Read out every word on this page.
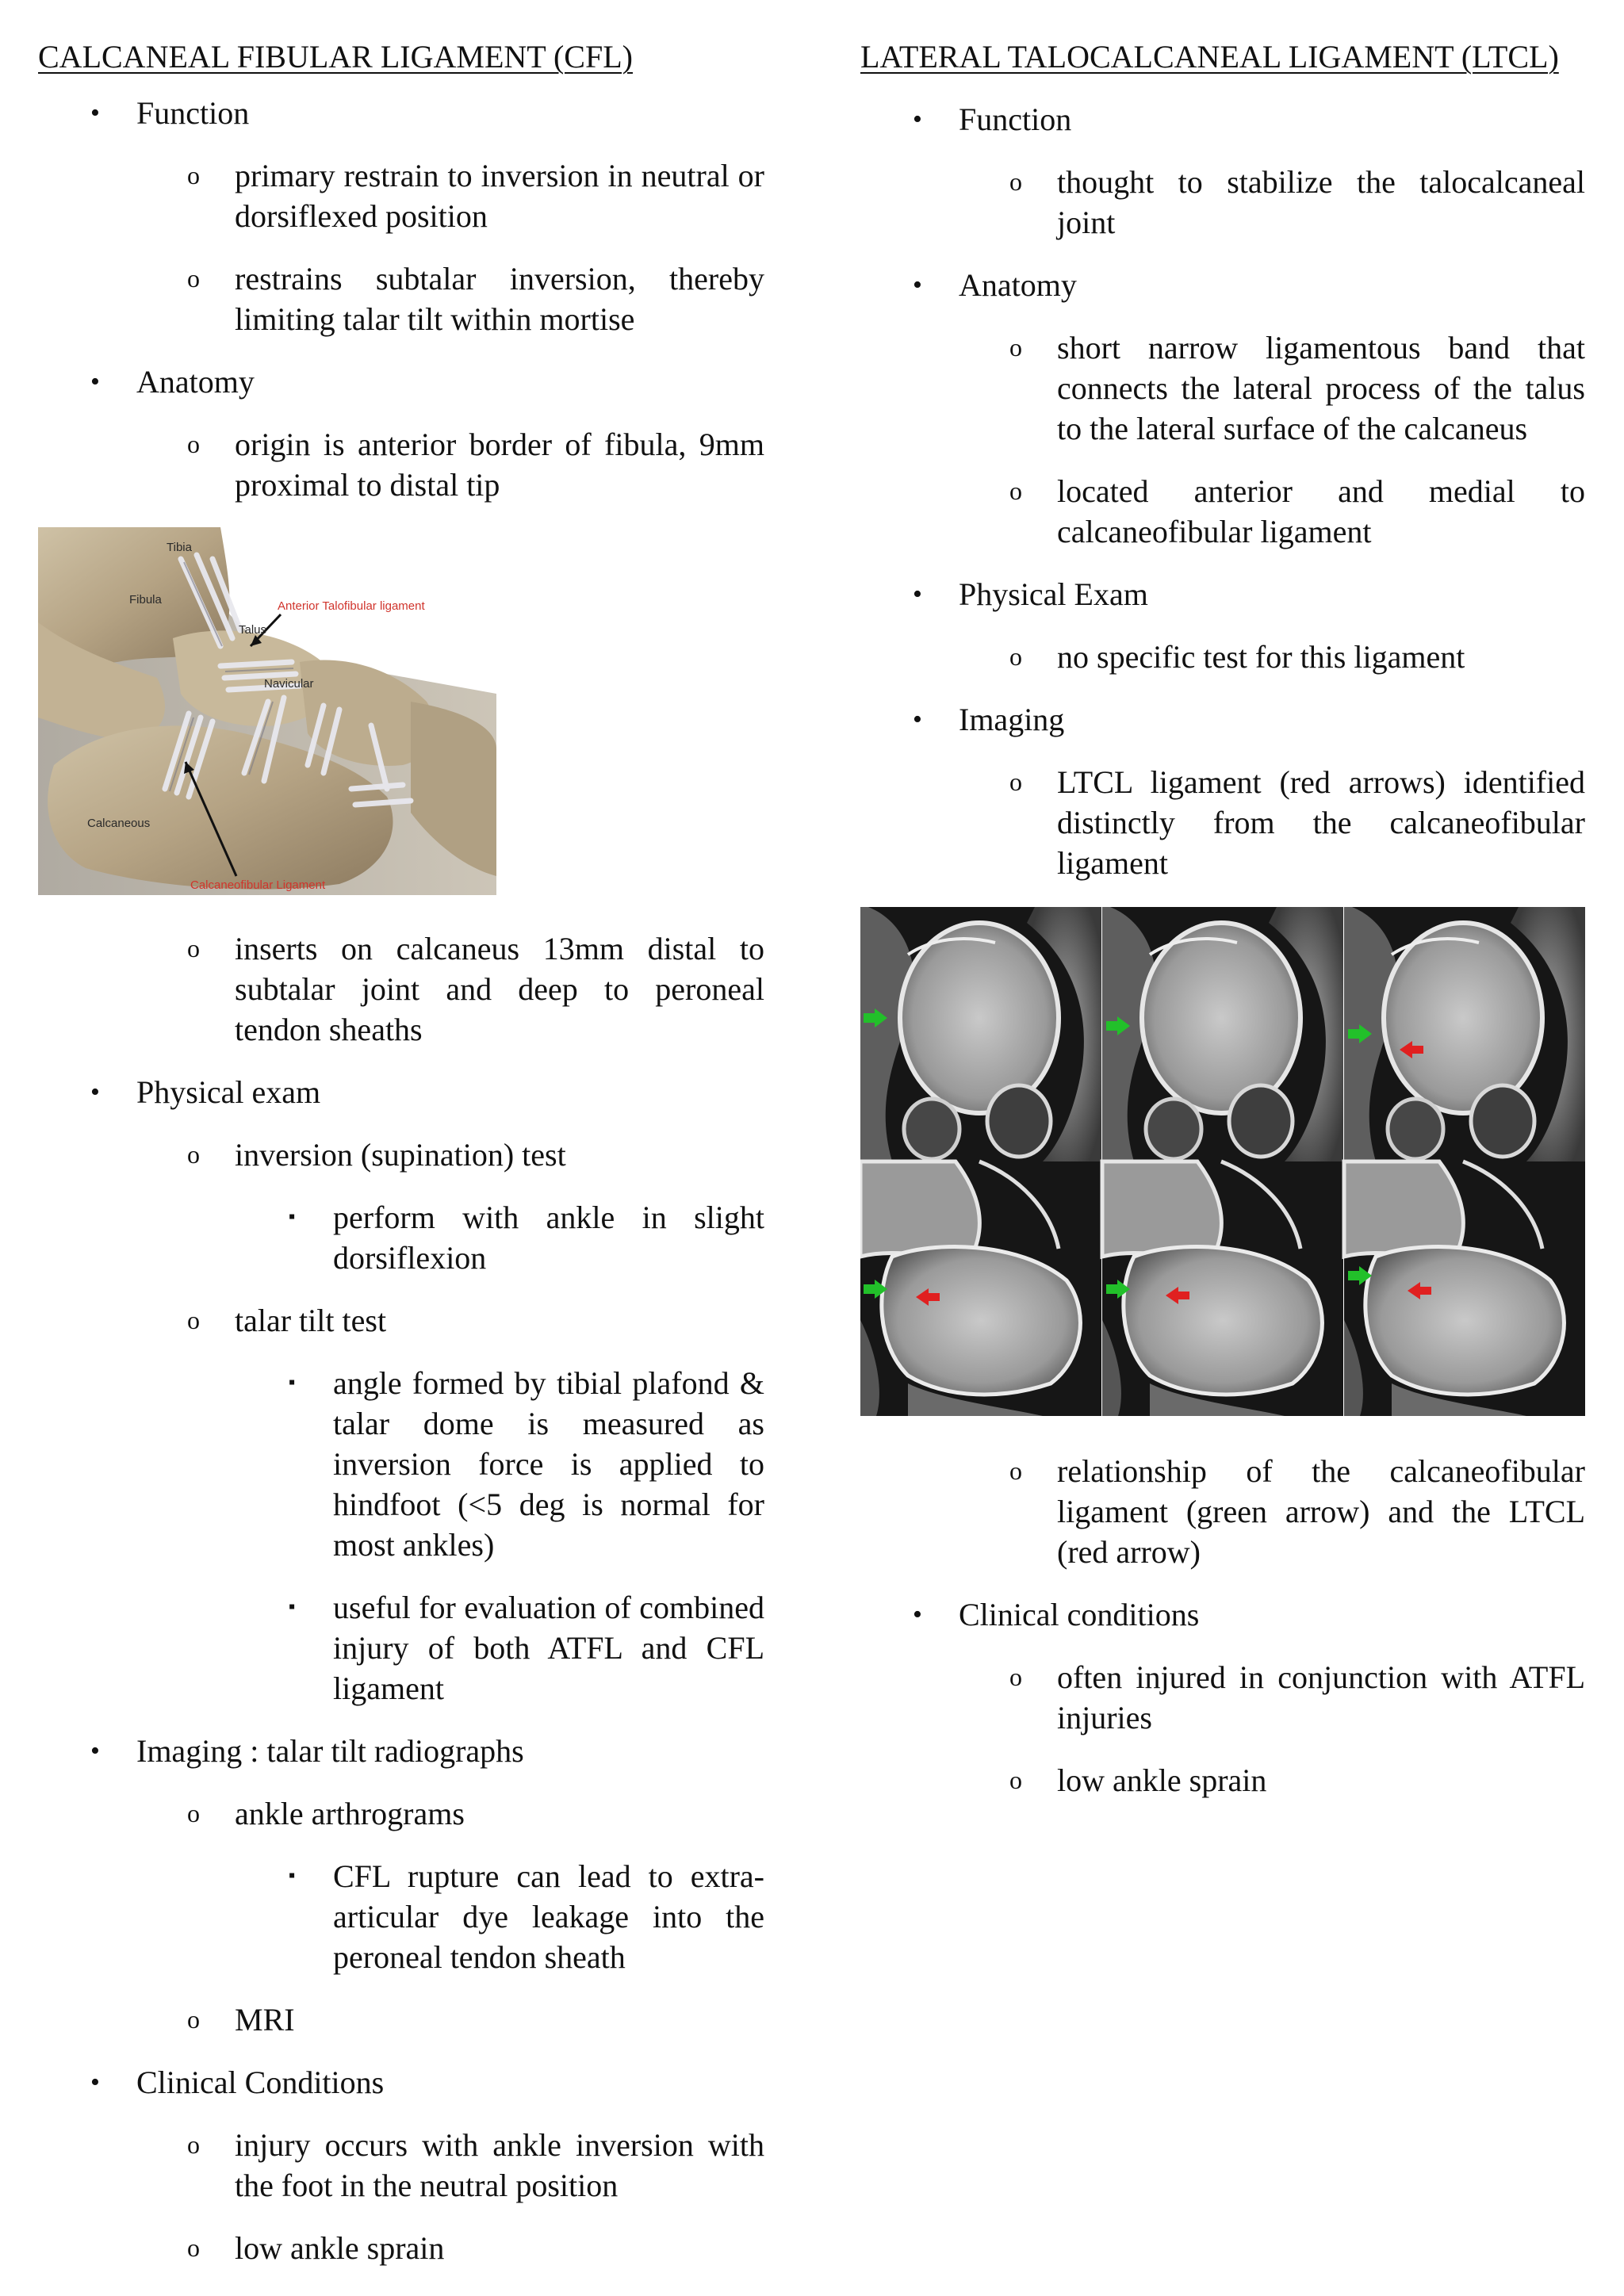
CALCANEAL FIBULAR LIGAMENT (CFL)
•	Function
o	primary restrain to inversion in neutral or dorsiflexed position
o	restrains subtalar inversion, thereby limiting talar tilt within mortise
•	Anatomy
o	origin is anterior border of fibula, 9mm proximal to distal tip
Tibia
Fibula
Talus
Navicular
Calcaneous
Anterior Talofibular ligament
Calcaneofibular Ligament
o	inserts on calcaneus 13mm distal to subtalar joint and deep to peroneal tendon sheaths
•	Physical exam
o	inversion (supination) test
▪	perform with ankle in slight dorsiflexion
o	talar tilt test
▪	angle formed by tibial plafond & talar dome is measured as inversion force is applied to hindfoot (<5 deg is normal for most ankles)
▪	useful for evaluation of combined injury of both ATFL and CFL ligament
•	Imaging : talar tilt radiographs
o	ankle arthrograms
▪	CFL rupture can lead to extra-articular dye leakage into the peroneal tendon sheath
o	MRI
•	Clinical Conditions
o	injury occurs with ankle inversion with the foot in the neutral position
o	low ankle sprain
LATERAL TALOCALCANEAL LIGAMENT (LTCL)
•	Function
o	thought to stabilize the talocalcaneal joint
•	Anatomy
o	short narrow ligamentous band that connects the lateral process of the talus to the lateral surface of the calcaneus
o	located anterior and medial to calcaneofibular ligament
•	Physical Exam
o	no specific test for this ligament
•	Imaging
o	LTCL ligament (red arrows) identified distinctly from the calcaneofibular ligament
o	relationship of the calcaneofibular ligament (green arrow) and the LTCL (red arrow)
•	Clinical conditions
o	often injured in conjunction with ATFL injuries
o	low ankle sprain
